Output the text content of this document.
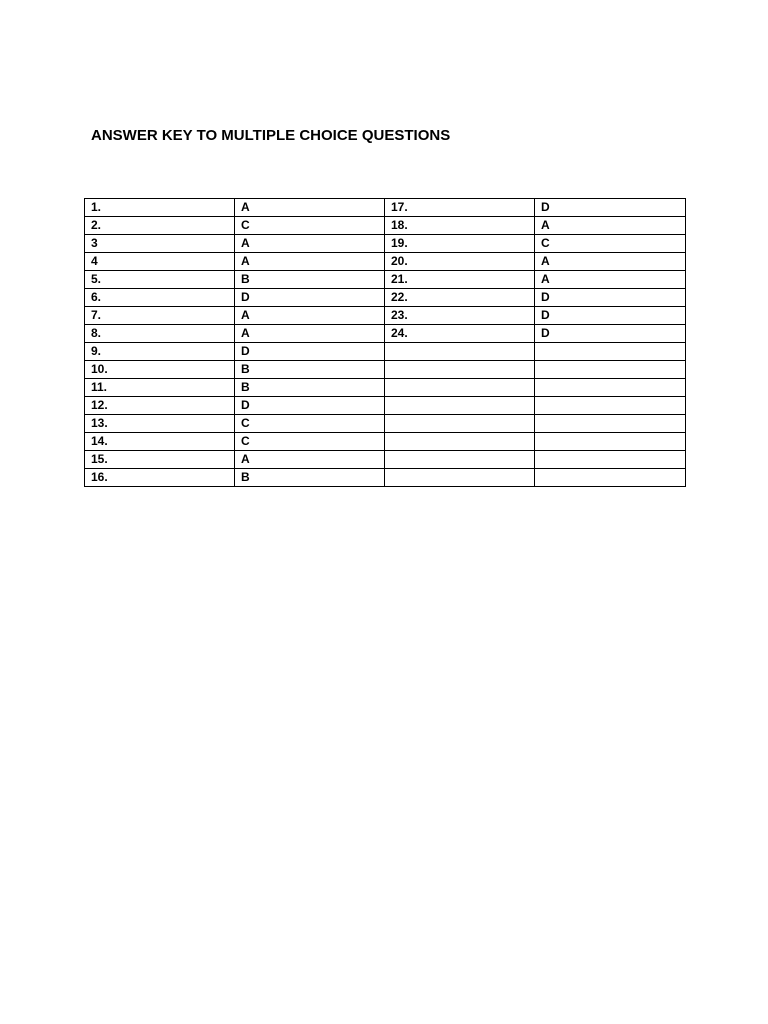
ANSWER KEY TO MULTIPLE CHOICE QUESTIONS
1.	A	17.	D
2.	C	18.	A
3	A	19.	C
4	A	20.	A
5.	B	21.	A
6.	D	22.	D
7.	A	23.	D
8.	A	24.	D
9.	D		
10.	B		
11.	B		
12.	D		
13.	C		
14.	C		
15.	A		
16.	B		
